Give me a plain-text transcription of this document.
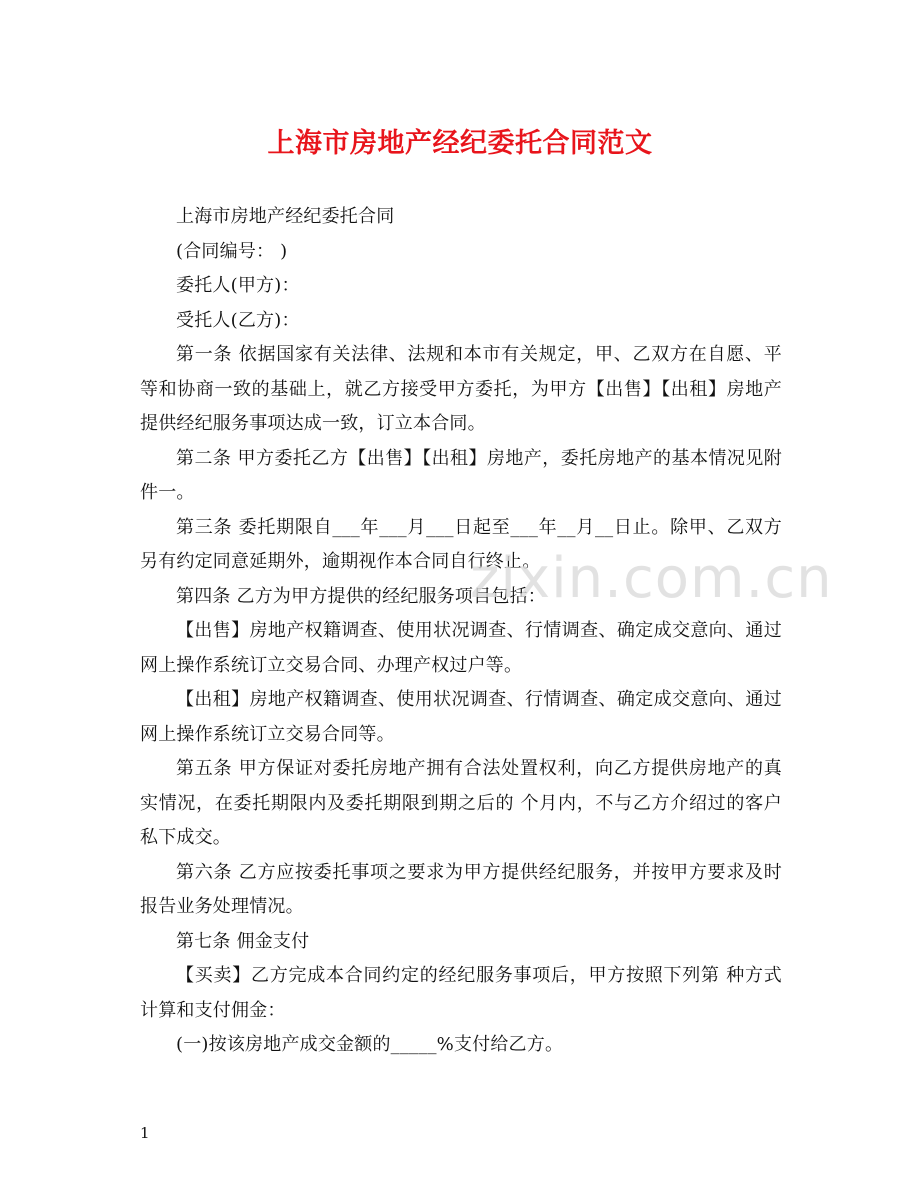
上海市房地产经纪委托合同范文

上海市房地产经纪委托合同

(合同编号： )

委托人(甲方)：

受托人(乙方)：

第一条 依据国家有关法律、法规和本市有关规定，甲、乙双方在自愿、平等和协商一致的基础上，就乙方接受甲方委托，为甲方【出售】【出租】房地产提供经纪服务事项达成一致，订立本合同。

第二条 甲方委托乙方【出售】【出租】房地产，委托房地产的基本情况见附件一。

第三条 委托期限自___年___月___日起至___年__月__日止。除甲、乙双方另有约定同意延期外，逾期视作本合同自行终止。

第四条 乙方为甲方提供的经纪服务项目包括：

【出售】房地产权籍调查、使用状况调查、行情调查、确定成交意向、通过网上操作系统订立交易合同、办理产权过户等。

【出租】房地产权籍调查、使用状况调查、行情调查、确定成交意向、通过网上操作系统订立交易合同等。

第五条 甲方保证对委托房地产拥有合法处置权利，向乙方提供房地产的真实情况，在委托期限内及委托期限到期之后的 个月内，不与乙方介绍过的客户私下成交。

第六条 乙方应按委托事项之要求为甲方提供经纪服务，并按甲方要求及时报告业务处理情况。

第七条 佣金支付

【买卖】乙方完成本合同约定的经纪服务事项后，甲方按照下列第 种方式计算和支付佣金：

(一)按该房地产成交金额的_____%支付给乙方。

zixin.com.cn
1
